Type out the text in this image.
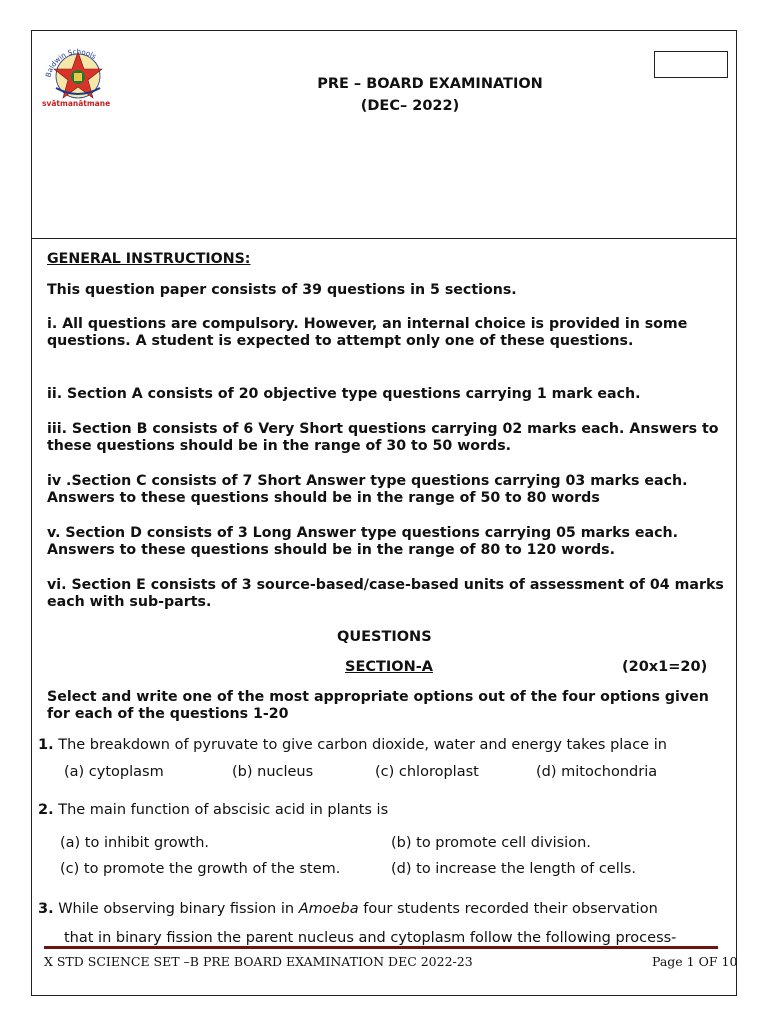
Baldwin Schools
svātmanātmane
PRE – BOARD EXAMINATION
(DEC– 2022)

GENERAL INSTRUCTIONS:

This question paper consists of 39 questions in 5 sections.

i. All questions are compulsory. However, an internal choice is provided in some questions. A student is expected to attempt only one of these questions.

ii. Section A consists of 20 objective type questions carrying 1 mark each.

iii. Section B consists of 6 Very Short questions carrying 02 marks each. Answers to these questions should be in the range of 30 to 50 words.

iv .Section C consists of 7 Short Answer type questions carrying 03 marks each. Answers to these questions should be in the range of 50 to 80 words

v. Section D consists of 3 Long Answer type questions carrying 05 marks each. Answers to these questions should be in the range of 80 to 120 words.

vi. Section E consists of 3 source-based/case-based units of assessment of 04 marks each with sub-parts.

QUESTIONS
SECTION-A	(20x1=20)

Select and write one of the most appropriate options out of the four options given for each of the questions 1-20

1. The breakdown of pyruvate to give carbon dioxide, water and energy takes place in
(a) cytoplasm	(b) nucleus	(c) chloroplast	(d) mitochondria
2. The main function of abscisic acid in plants is
(a) to inhibit growth.	(b) to promote cell division.
(c) to promote the growth of the stem.	(d) to increase the length of cells.
3. While observing binary fission in Amoeba four students recorded their observation
that in binary fission the parent nucleus and cytoplasm follow the following process-
X STD SCIENCE SET –B PRE BOARD EXAMINATION DEC 2022-23	Page 1 OF 10
